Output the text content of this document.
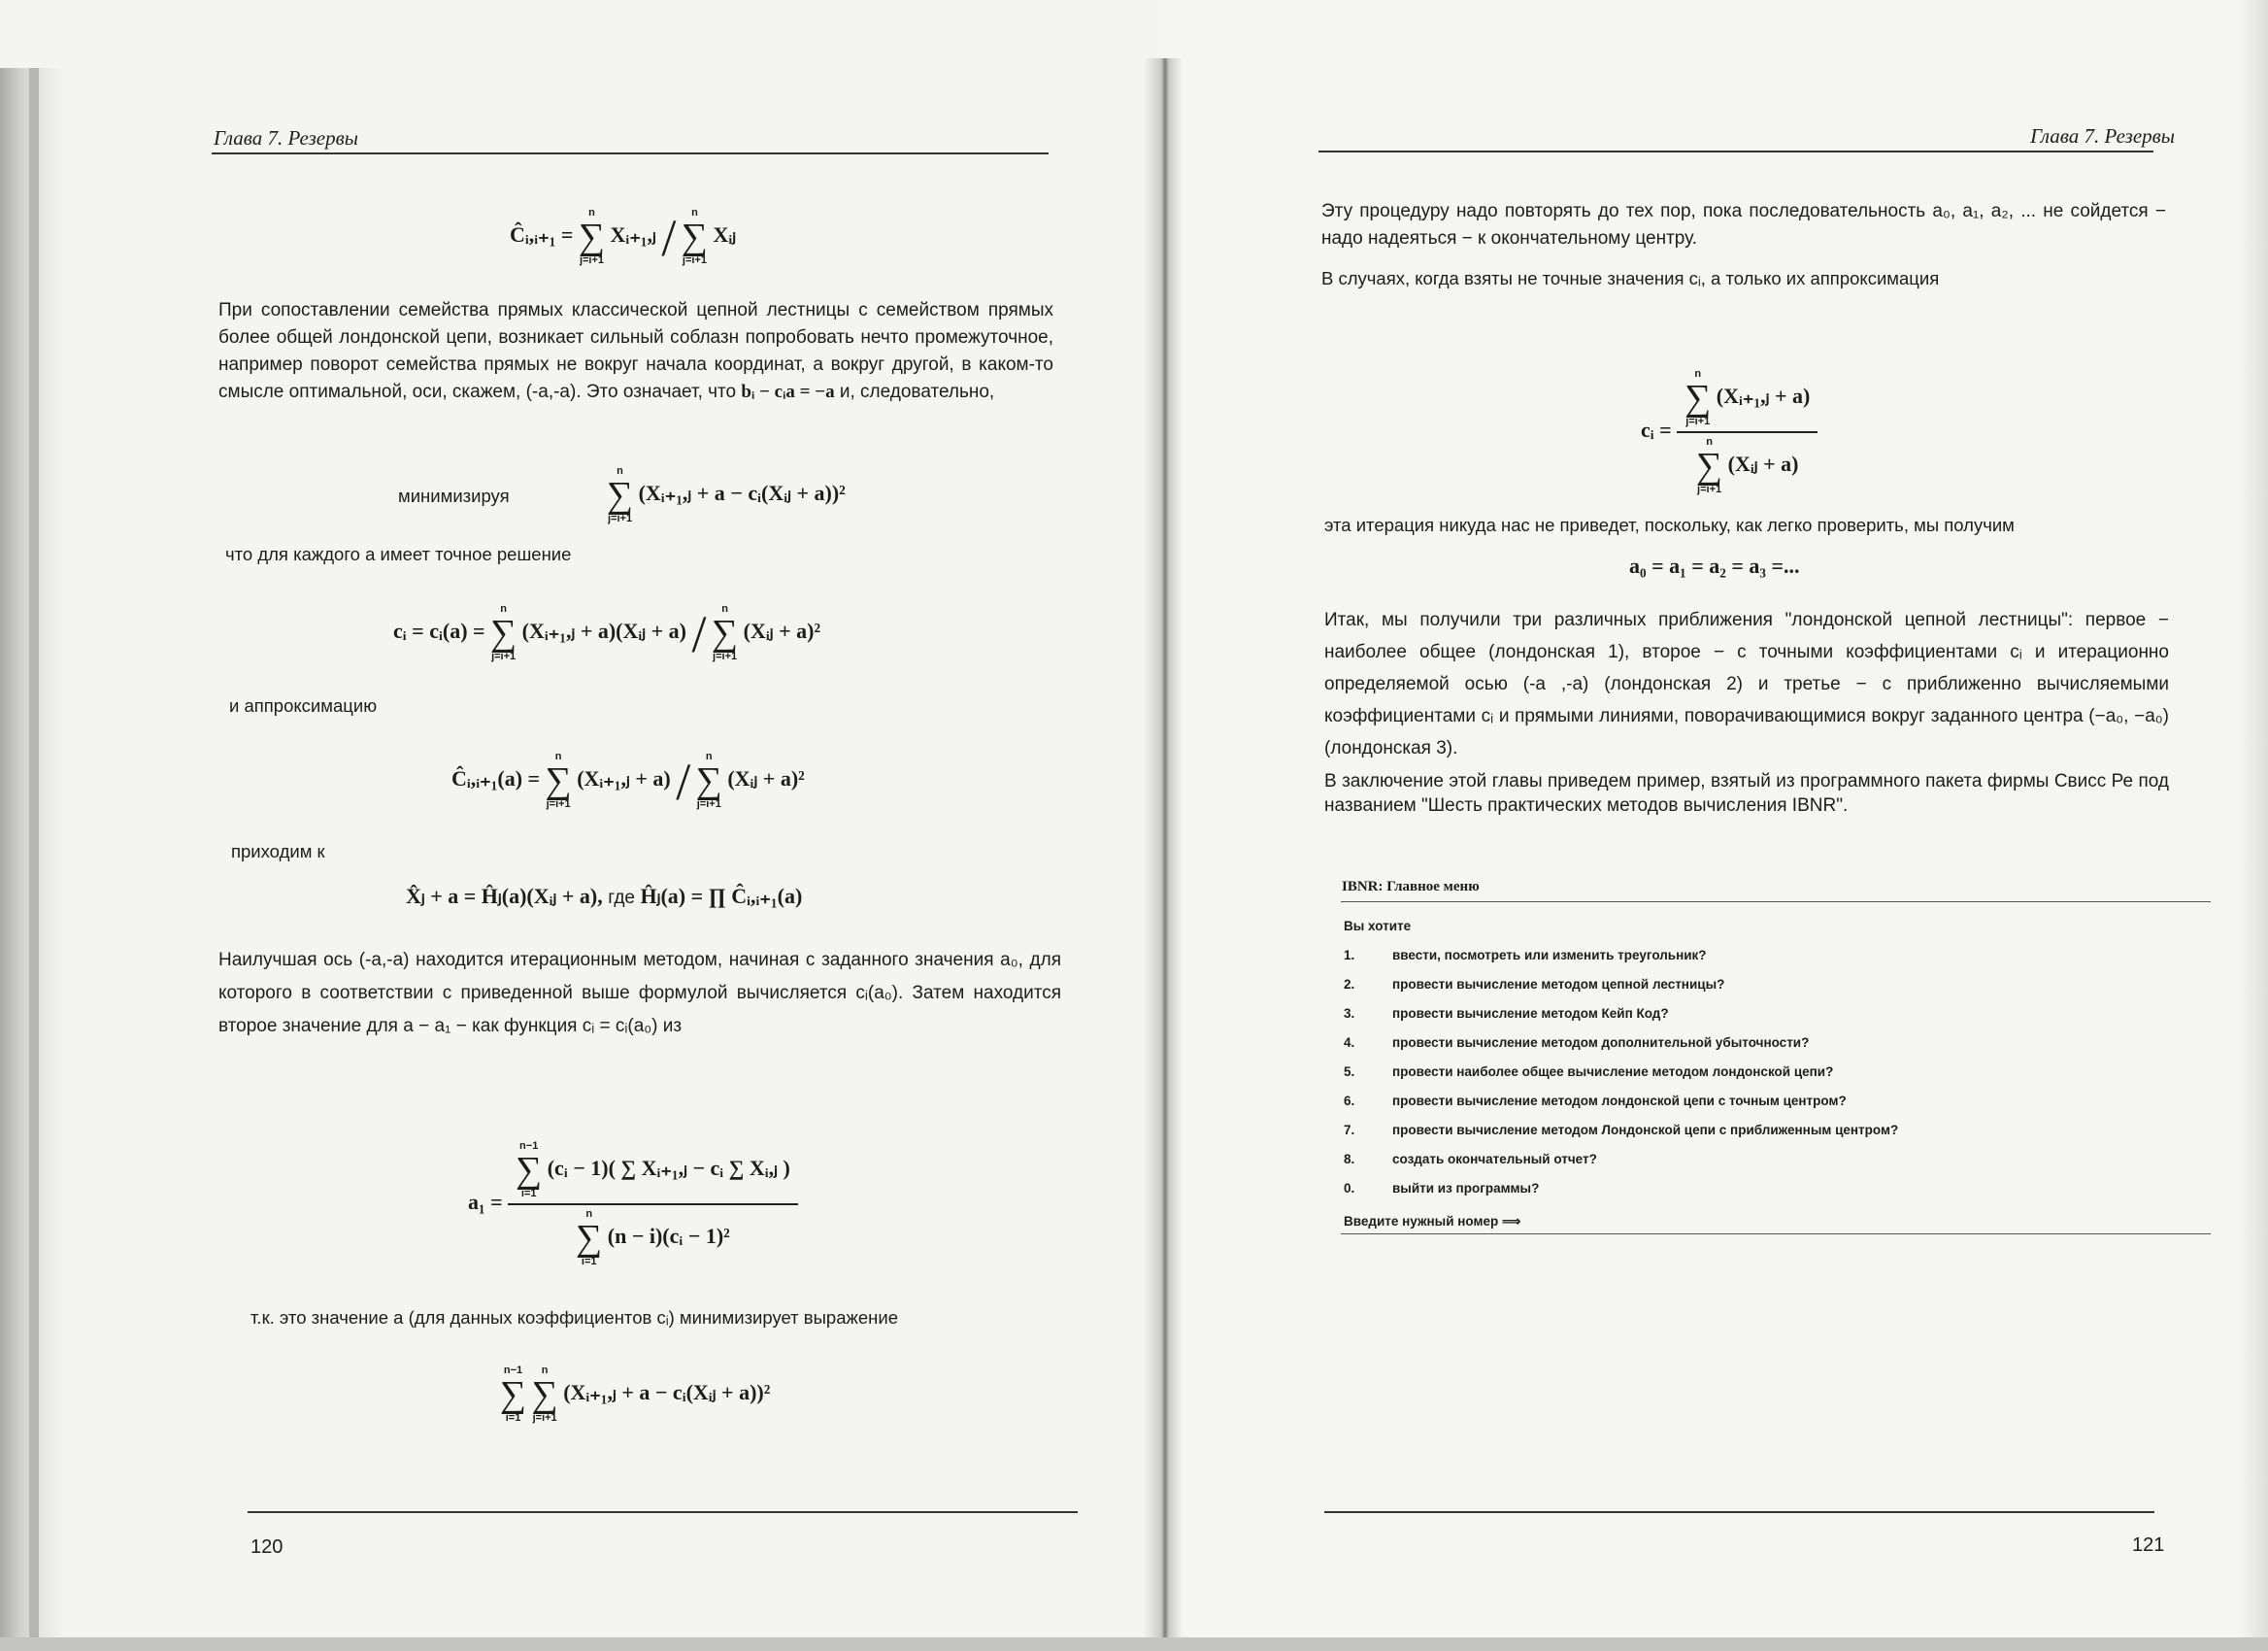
Глава 7. Резервы
Ĉᵢ,ᵢ₊₁ =
n
∑
j=i+1
Xᵢ₊₁,ⱼ /	n
∑
j=i+1
Xᵢⱼ
При сопоставлении семейства прямых классической цепной лестницы с семейством прямых более общей лондонской цепи, возникает сильный соблазн попробовать нечто промежуточное, например поворот семейства прямых не вокруг начала координат, а вокруг другой, в каком-то смысле оптимальной, оси, скажем, (-a,-a). Это означает, что bᵢ − cᵢa = −a и, следовательно,
минимизируя
n
∑
j=i+1
(Xᵢ₊₁,ⱼ + a − cᵢ(Xᵢⱼ + a))²
что для каждого a имеет точное решение
cᵢ = cᵢ(a) =
n
∑
j=i+1
(Xᵢ₊₁,ⱼ + a)(Xᵢⱼ + a) /	n
∑
j=i+1
(Xᵢⱼ + a)²
и аппроксимацию
Ĉᵢ,ᵢ₊₁(a) =
n
∑
j=i+1
(Xᵢ₊₁,ⱼ + a) /	n
∑
j=i+1
(Xᵢⱼ + a)²
приходим к
X̂ⱼ + a = Ĥⱼ(a)(Xᵢⱼ + a), где Ĥⱼ(a) = ∏ Ĉᵢ,ᵢ₊₁(a)
Наилучшая ось (-a,-a) находится итерационным методом, начиная с заданного значения a₀, для которого в соответствии с приведенной выше формулой вычисляется cᵢ(a₀). Затем находится второе значение для a − a₁ − как функция cᵢ = cᵢ(a₀) из
a₁ = n−1
∑
i=1
(cᵢ − 1)( ∑ Xᵢ₊₁,ⱼ − cᵢ ∑ Xᵢ,ⱼ )
n
∑
i=1
(n − i)(cᵢ − 1)²
т.к. это значение a (для данных коэффициентов cᵢ) минимизирует выражение
n−1
∑
i=1

n
∑
j=i+1
(Xᵢ₊₁,ⱼ + a − cᵢ(Xᵢⱼ + a))²
120
Глава 7. Резервы
Эту процедуру надо повторять до тех пор, пока последовательность a₀, a₁, a₂, ... не сойдется − надо надеяться − к окончательному центру.
В случаях, когда взяты не точные значения cᵢ, а только их аппроксимация
cᵢ = n
∑
j=i+1
(Xᵢ₊₁,ⱼ + a)
n
∑
j=i+1
(Xᵢⱼ + a)
эта итерация никуда нас не приведет, поскольку, как легко проверить, мы получим
a₀ = a₁ = a₂ = a₃ =...
Итак, мы получили три различных приближения "лондонской цепной лестницы": первое − наиболее общее (лондонская 1), второе − с точными коэффициентами cᵢ и итерационно определяемой осью (-a ,-a) (лондонская 2) и третье − с приближенно вычисляемыми коэффициентами cᵢ и прямыми линиями, поворачивающимися вокруг заданного центра (−a₀, −a₀) (лондонская 3).
В заключение этой главы приведем пример, взятый из программного пакета фирмы Свисс Ре под названием "Шесть практических методов вычисления IBNR".
IBNR: Главное меню
Вы хотите
1.	ввести, посмотреть или изменить треугольник?
2.	провести вычисление методом цепной лестницы?
3.	провести вычисление методом Кейп Код?
4.	провести вычисление методом дополнительной убыточности?
5.	провести наиболее общее вычисление методом лондонской цепи?
6.	провести вычисление методом лондонской цепи с точным центром?
7.	провести вычисление методом Лондонской цепи с приближенным центром?
8.	создать окончательный отчет?
0.	выйти из программы?
Введите нужный номер ⟹
121
